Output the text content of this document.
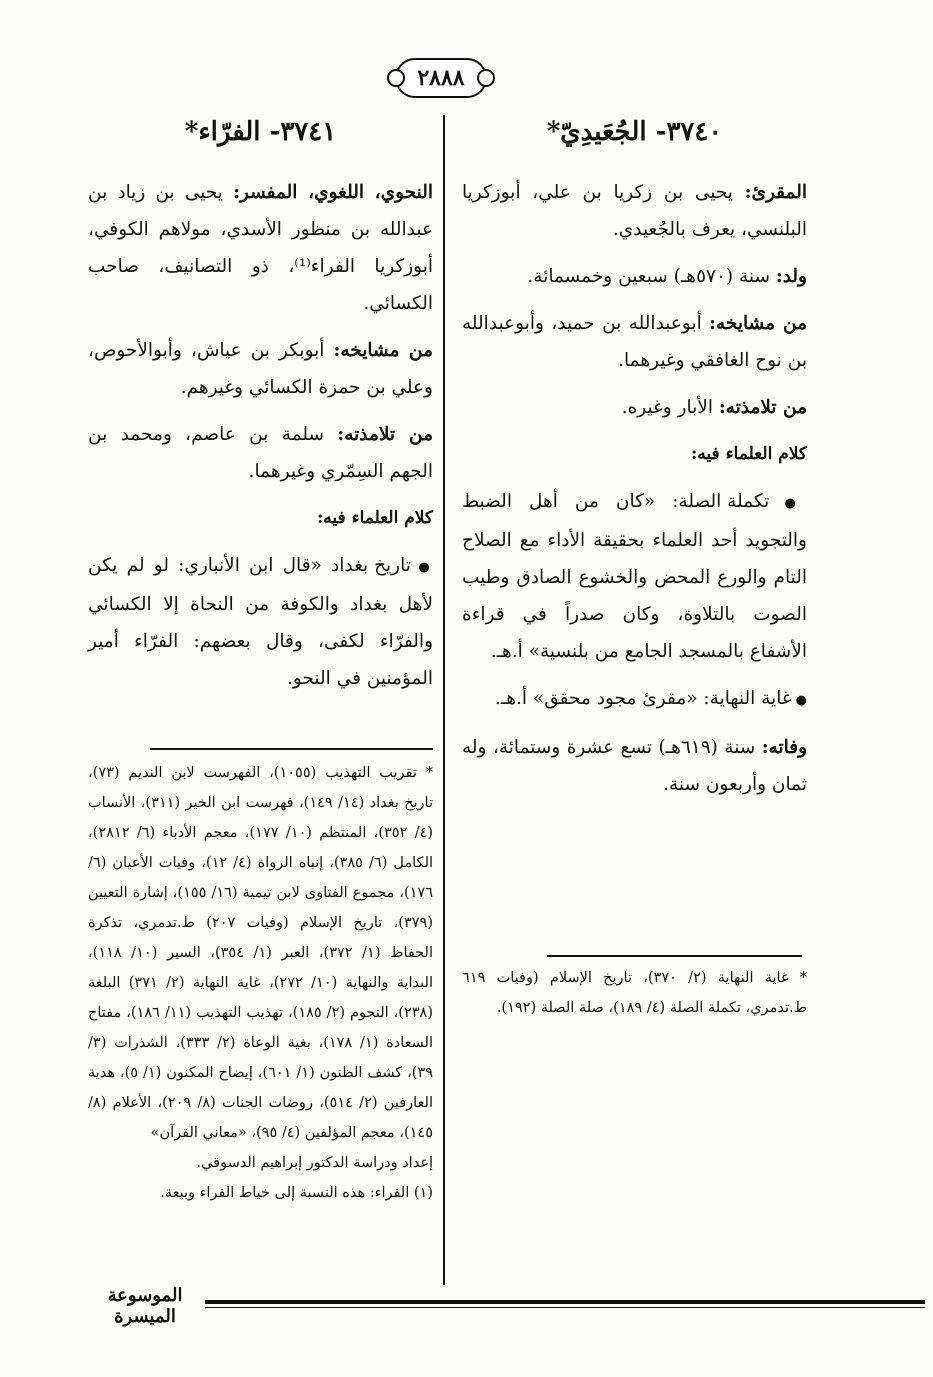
٢٨٨٨
٣٧٤٠- الجُعَيدِيّ*

المقرئ: يحيى بن زكريا بن علي، أبوزكريا البلنسي، يعرف بالجُعيدي.

ولد: سنة (٥٧٠هـ) سبعين وخمسمائة.

من مشايخه: أبوعبدالله بن حميد، وأبوعبدالله بن نوح الغافقي وغيرهما.

من تلامذته: الأبار وغيره.

كلام العلماء فيه:

● تكملة الصلة: «كان من أهل الضبط والتجويد أحد العلماء بحقيقة الأداء مع الصلاح التام والورع المحض والخشوع الصادق وطيب الصوت بالتلاوة، وكان صدراً في قراءة الأشفاع بالمسجد الجامع من بلنسية» أ.هـ.

● غاية النهاية: «مقرئ مجود محقق» أ.هـ.

وفاته: سنة (٦١٩هـ) تسع عشرة وستمائة، وله ثمان وأربعون سنة.

* غاية النهاية (٢/ ٣٧٠)، تاريخ الإسلام (وفيات ٦١٩ ط.تدمري، تكملة الصلة (٤/ ١٨٩)، صلة الصلة (١٩٢).

٣٧٤١- الفرّاء*

النحوي، اللغوي، المفسر: يحيى بن زياد بن عبدالله بن منظور الأسدي، مولاهم الكوفي، أبوزكريا الفراء⁽¹⁾، ذو التصانيف، صاحب الكسائي.

من مشايخه: أبوبكر بن عياش، وأبوالأحوص، وعلي بن حمزة الكسائي وغيرهم.

من تلامذته: سلمة بن عاصم، ومحمد بن الجهم السِمّري وغيرهما.

كلام العلماء فيه:

● تاريخ بغداد «قال ابن الأنباري: لو لم يكن لأهل بغداد والكوفة من النحاة إلا الكسائي والفرّاء لكفى، وقال بعضهم: الفرّاء أمير المؤمنين في النحو.

* تقريب التهذيب (١٠٥٥)، الفهرست لابن النديم (٧٣)، تاريخ بغداد (١٤/ ١٤٩)، فهرست ابن الخير (٣١١)، الأنساب (٤/ ٣٥٢)، المنتظم (١٠/ ١٧٧)، معجم الأدباء (٦/ ٢٨١٢)، الكامل (٦/ ٣٨٥)، إنباه الرواة (٤/ ١٢)، وفيات الأعيان (٦/ ١٧٦)، مجموع الفتاوى لابن تيمية (١٦/ ١٥٥)، إشارة التعيين (٣٧٩)، تاريخ الإسلام (وفيات ٢٠٧) ط.تدمري، تذكرة الحفاظ (١/ ٣٧٢)، العبر (١/ ٣٥٤)، السير (١٠/ ١١٨)، البداية والنهاية (١٠/ ٢٧٢)، غاية النهاية (٢/ ٣٧١) البلغة (٢٣٨)، النجوم (٢/ ١٨٥)، تهذيب التهذيب (١١/ ١٨٦)، مفتاح السعادة (١/ ١٧٨)، بغية الوعاة (٢/ ٣٣٣)، الشذرات (٣/ ٣٩)، كشف الظنون (١/ ٦٠١)، إيضاح المكنون (١/ ٥)، هدية العارفين (٢/ ٥١٤)، روضات الجنات (٨/ ٢٠٩)، الأعلام (٨/ ١٤٥)، معجم المؤلفين (٤/ ٩٥)، «معاني القرآن»

إعداد ودراسة الدكتور إبراهيم الدسوقي.

(١) الفراء: هذه النسبة إلى خياط الفراء وبيعة.

الموسوعة الميسرة
